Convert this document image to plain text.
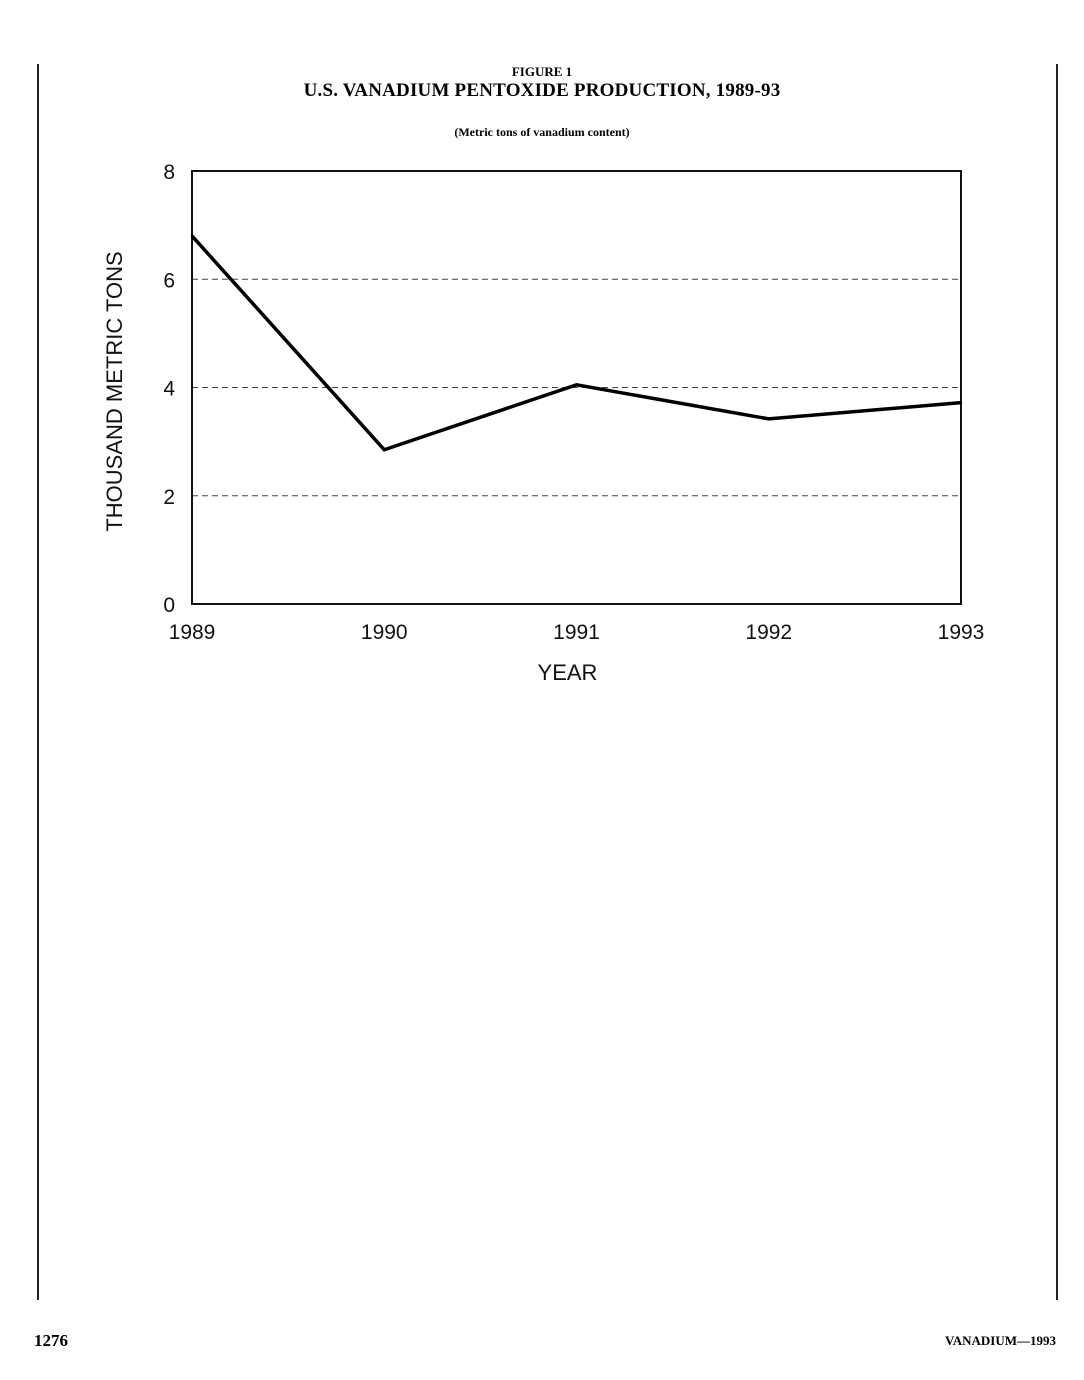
FIGURE 1
U.S. VANADIUM PENTOXIDE PRODUCTION, 1989-93
(Metric tons of vanadium content)
0
2
4
6
8
1989	1990	1991	1992	1993
YEAR
THOUSAND METRIC TONS
1276	VANADIUM—1993
